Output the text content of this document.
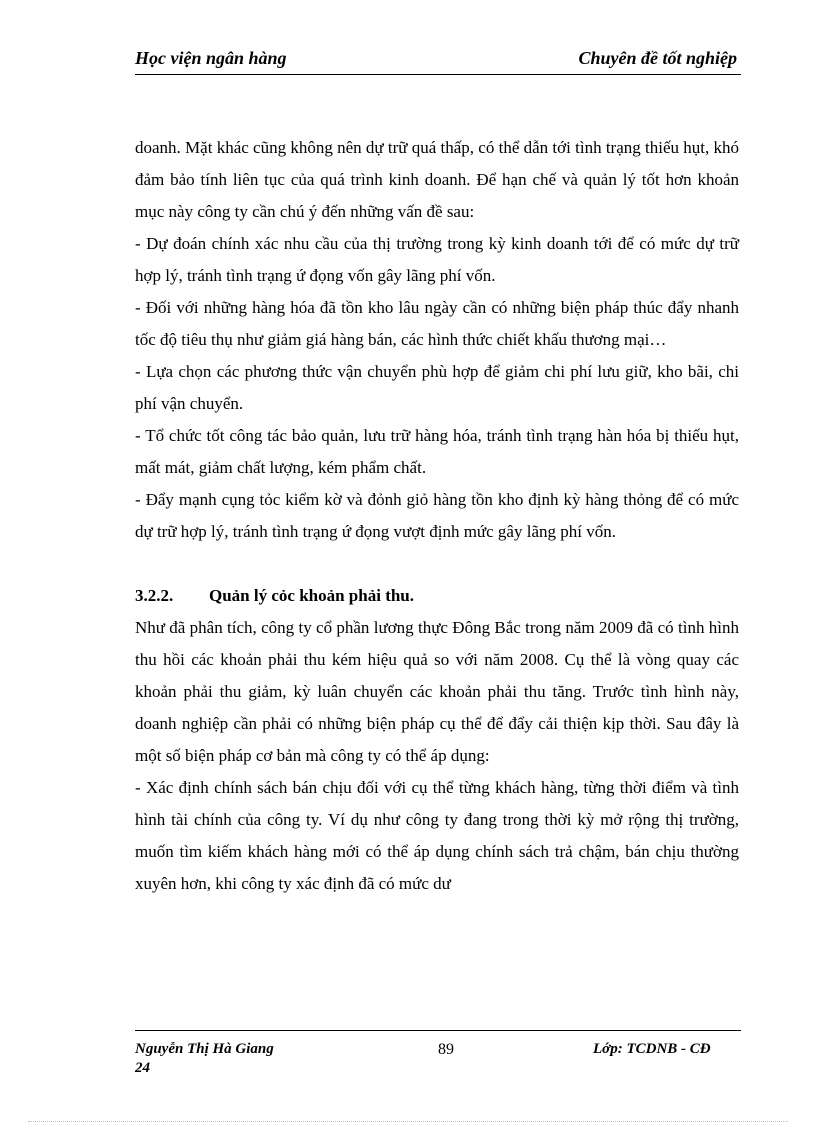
Học viện ngân hàng	Chuyên đề tốt nghiệp

doanh. Mặt khác cũng không nên dự trữ quá thấp, có thể dẫn tới tình trạng thiếu hụt, khó đảm bảo tính liên tục của quá trình kinh doanh. Để hạn chế và quản lý tốt hơn khoản mục này công ty cần chú ý đến những vấn đề sau:

- Dự đoán chính xác nhu cầu của thị trường trong kỳ kinh doanh tới để có mức dự trữ hợp lý, tránh tình trạng ứ đọng vốn gây lãng phí vốn.

- Đối với những hàng hóa đã tồn kho lâu ngày cần có những biện pháp thúc đẩy nhanh tốc độ tiêu thụ như giảm giá hàng bán, các hình thức chiết khấu thương mại…

- Lựa chọn các phương thức vận chuyển phù hợp để giảm chi phí lưu giữ, kho bãi, chi phí vận chuyển.

- Tổ chức tốt công tác bảo quản, lưu trữ hàng hóa, tránh tình trạng hàn hóa bị thiếu hụt, mất mát, giảm chất lượng, kém phẩm chất.

- Đẩy mạnh cụng tỏc kiểm kờ và đỏnh giỏ hàng tồn kho định kỳ hàng thỏng để có mức dự trữ hợp lý, tránh tình trạng ứ đọng vượt định mức gây lãng phí vốn.

3.2.2. Quản lý cỏc khoản phải thu.

Như đã phân tích, công ty cổ phần lương thực Đông Bắc trong năm 2009 đã có tình hình thu hồi các khoản phải thu kém hiệu quả so với năm 2008. Cụ thể là vòng quay các khoản phải thu giảm, kỳ luân chuyển các khoản phải thu tăng. Trước tình hình này, doanh nghiệp cần phải có những biện pháp cụ thể để đẩy cải thiện kịp thời. Sau đây là một số biện pháp cơ bản mà công ty có thể áp dụng:

- Xác định chính sách bán chịu đối với cụ thể từng khách hàng, từng thời điểm và tình hình tài chính của công ty. Ví dụ như công ty đang trong thời kỳ mở rộng thị trường, muốn tìm kiếm khách hàng mới có thể áp dụng chính sách trả chậm, bán chịu thường xuyên hơn, khi công ty xác định đã có mức dư

Nguyễn Thị Hà Giang
24
89	Lớp: TCDNB - CĐ
